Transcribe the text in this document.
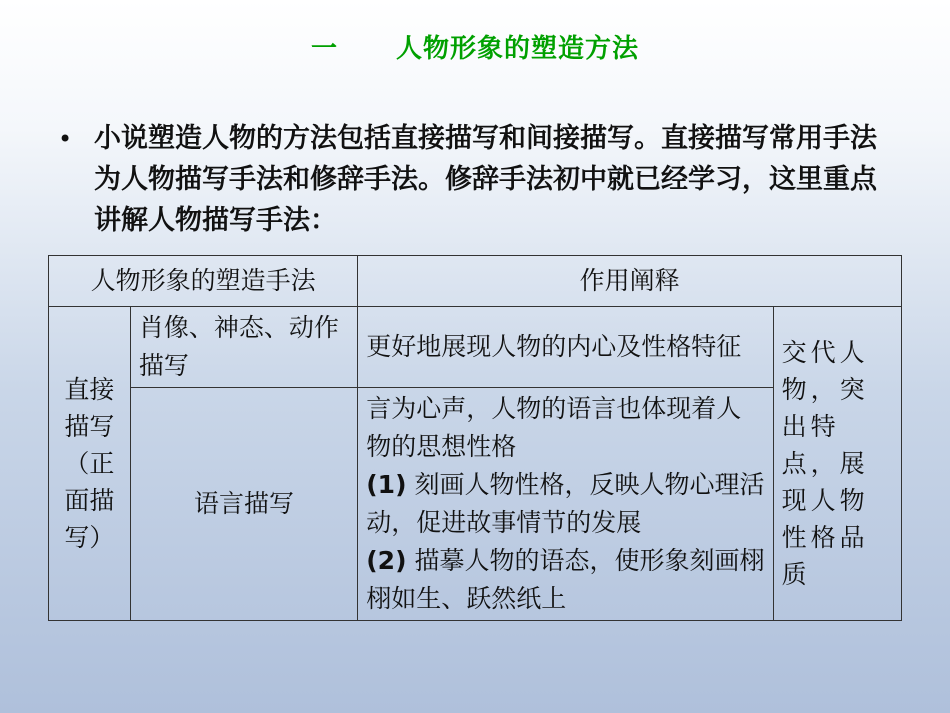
一 人物形象的塑造方法
• 小说塑造人物的方法包括直接描写和间接描写。直接描写常用手法为人物描写手法和修辞手法。修辞手法初中就已经学习，这里重点讲解人物描写手法：
人物形象的塑造手法		作用阐释	
直接描写（正面描写）	肖像、神态、动作描写	更好地展现人物的内心及性格特征	交代人物，突出特点，展现人物性格品质
	语言描写	言为心声，人物的语言也体现着人物的思想性格
(1) 刻画人物性格，反映人物心理活动，促进故事情节的发展
(2) 描摹人物的语态，使形象刻画栩栩如生、跃然纸上	
